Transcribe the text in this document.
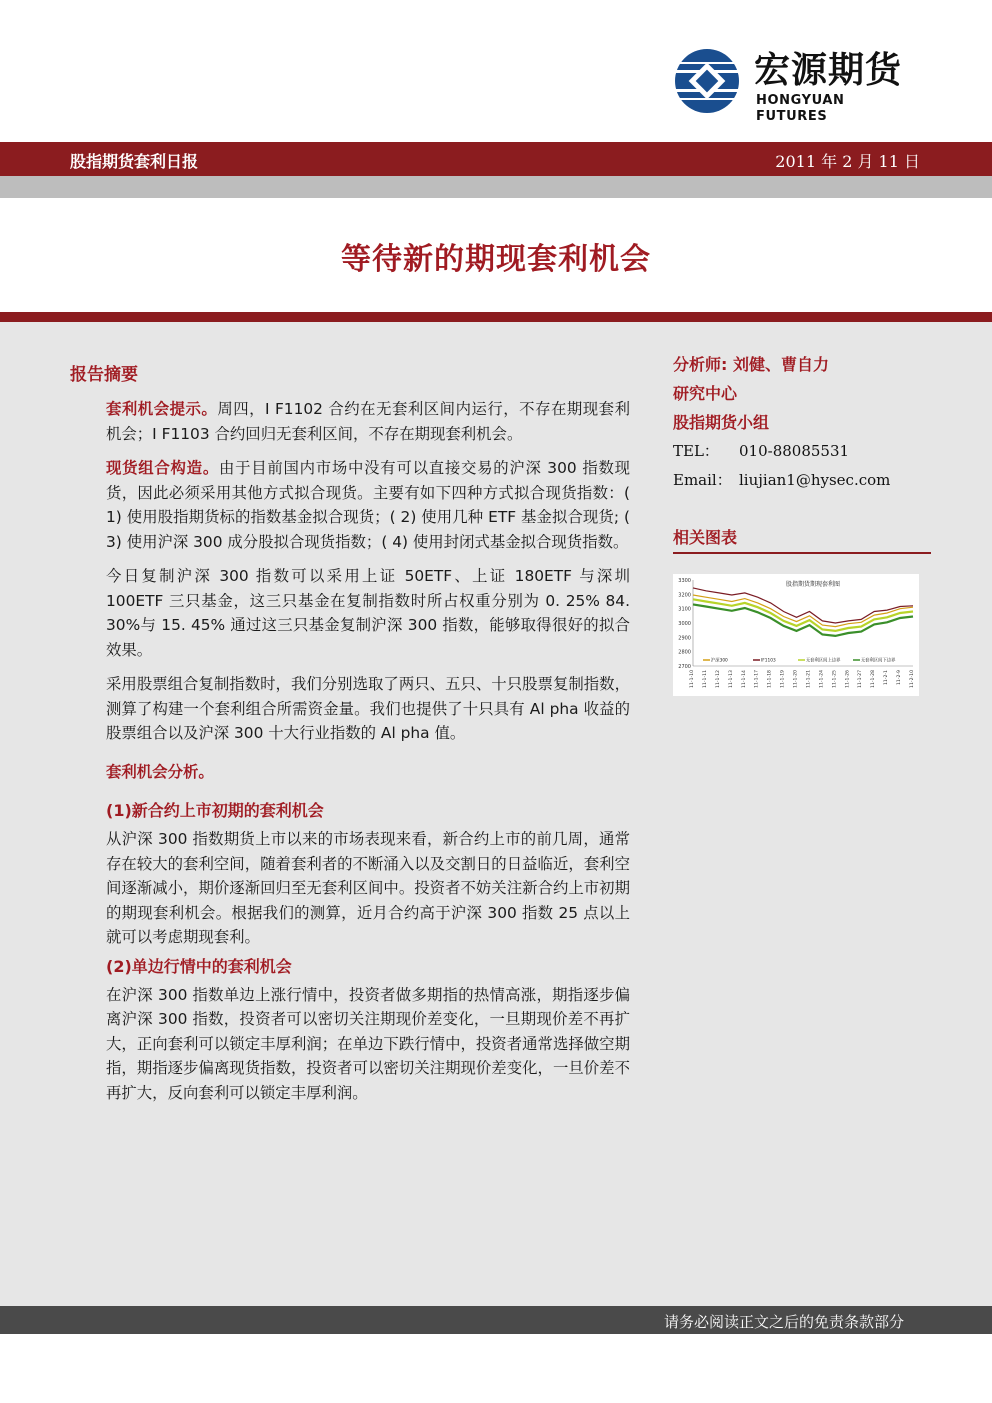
宏源期货
HONGYUAN FUTURES
股指期货套利日报	2011 年 2 月 11 日
等待新的期现套利机会
报告摘要

套利机会提示。周四，I F1102 合约在无套利区间内运行，不存在期现套利机会；I F1103 合约回归无套利区间，不存在期现套利机会。

现货组合构造。由于目前国内市场中没有可以直接交易的沪深 300 指数现货，因此必须采用其他方式拟合现货。主要有如下四种方式拟合现货指数：( 1) 使用股指期货标的指数基金拟合现货；( 2) 使用几种 ETF 基金拟合现货; ( 3) 使用沪深 300 成分股拟合现货指数；( 4) 使用封闭式基金拟合现货指数。

今日复制沪深 300 指数可以采用上证 50ETF、上证 180ETF 与深圳 100ETF 三只基金，这三只基金在复制指数时所占权重分别为 0. 25% 84. 30%与 15. 45% 通过这三只基金复制沪深 300 指数，能够取得很好的拟合效果。

采用股票组合复制指数时，我们分别选取了两只、五只、十只股票复制指数，测算了构建一个套利组合所需资金量。我们也提供了十只具有 Al pha 收益的股票组合以及沪深 300 十大行业指数的 Al pha 值。

套利机会分析。

(1)新合约上市初期的套利机会

从沪深 300 指数期货上市以来的市场表现来看，新合约上市的前几周，通常存在较大的套利空间，随着套利者的不断涌入以及交割日的日益临近，套利空间逐渐减小，期价逐渐回归至无套利区间中。投资者不妨关注新合约上市初期的期现套利机会。根据我们的测算，近月合约高于沪深 300 指数 25 点以上就可以考虑期现套利。

(2)单边行情中的套利机会

在沪深 300 指数单边上涨行情中，投资者做多期指的热情高涨，期指逐步偏离沪深 300 指数，投资者可以密切关注期现价差变化，一旦期现价差不再扩大，正向套利可以锁定丰厚利润；在单边下跌行情中，投资者通常选择做空期指，期指逐步偏离现货指数，投资者可以密切关注期现价差变化，一旦价差不再扩大，反向套利可以锁定丰厚利润。

分析师: 刘健、曹自力
研究中心
股指期货小组
TEL： 010-88085531
Email： liujian1@hysec.com
相关图表
2700
2800
2900
3000
3100
3200
3300
11-1-10 11-1-11 11-1-12 11-1-13 11-1-14 11-1-17 11-1-18 11-1-19 11-1-20 11-1-21 11-1-24 11-1-25 11-1-26 11-1-27 11-1-28 11-2-1 11-2-9 11-2-10
股指期货期现套利图
沪深300	IF1103	无套利区间上边界	无套利区间下边界
请务必阅读正文之后的免责条款部分
